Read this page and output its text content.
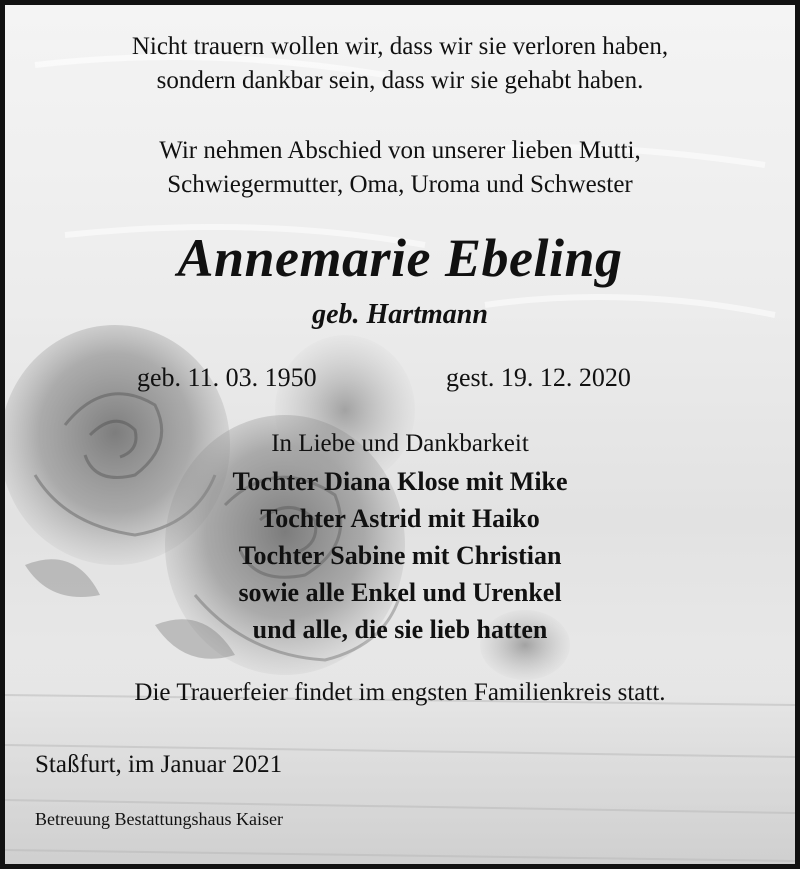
Nicht trauern wollen wir, dass wir sie verloren haben,
sondern dankbar sein, dass wir sie gehabt haben.
Wir nehmen Abschied von unserer lieben Mutti,
Schwiegermutter, Oma, Uroma und Schwester
Annemarie Ebeling
geb. Hartmann
geb. 11. 03. 1950	gest. 19. 12. 2020
In Liebe und Dankbarkeit
Tochter Diana Klose mit Mike
Tochter Astrid mit Haiko
Tochter Sabine mit Christian
sowie alle Enkel und Urenkel
und alle, die sie lieb hatten
Die Trauerfeier findet im engsten Familienkreis statt.
Staßfurt, im Januar 2021
Betreuung Bestattungshaus Kaiser
